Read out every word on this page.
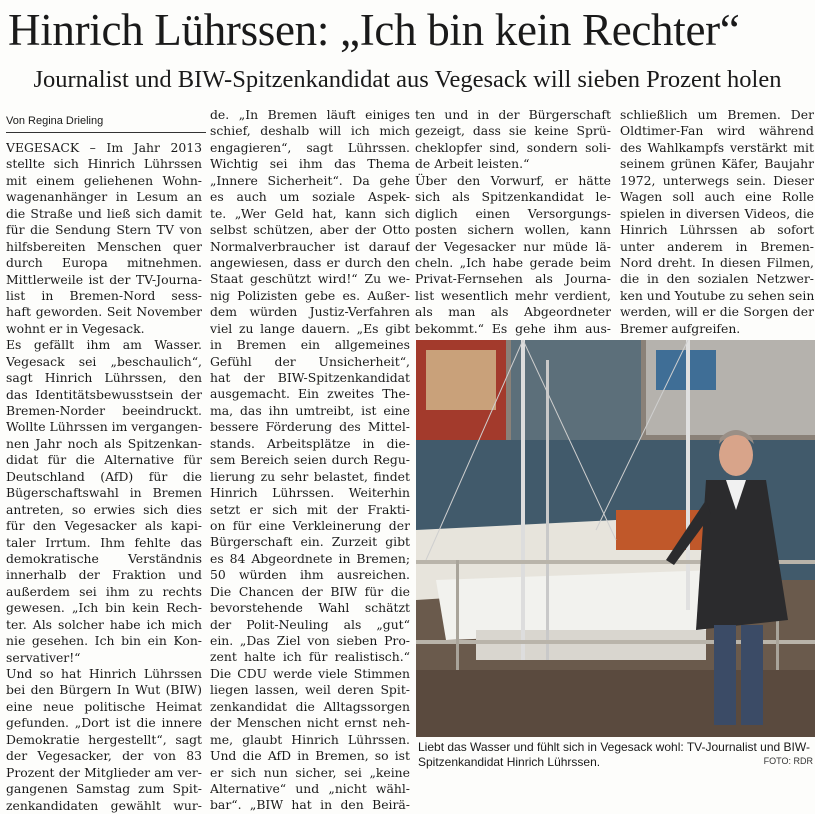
Hinrich Lührssen: „Ich bin kein Rechter“
Journalist und BIW-Spitzenkandidat aus Vegesack will sieben Prozent holen
Von Regina Drieling
VEGESACK – Im Jahr 2013
stellte sich Hinrich Lührssen
mit einem geliehenen Wohn-
wagenanhänger in Lesum an
die Straße und ließ sich damit
für die Sendung Stern TV von
hilfsbereiten Menschen quer
durch Europa mitnehmen.
Mittlerweile ist der TV-Journa-
list in Bremen-Nord sess-
haft geworden. Seit November
wohnt er in Vegesack.
Es gefällt ihm am Wasser.
Vegesack sei „beschaulich“,
sagt Hinrich Lührssen, den
das Identitätsbewusstsein der
Bremen-Norder beeindruckt.
Wollte Lührssen im vergangen-
nen Jahr noch als Spitzenkan-
didat für die Alternative für
Deutschland (AfD) für die
Bügerschaftswahl in Bremen
antreten, so erwies sich dies
für den Vegesacker als kapi-
taler Irrtum. Ihm fehlte das
demokratische Verständnis
innerhalb der Fraktion und
außerdem sei ihm zu rechts
gewesen. „Ich bin kein Rech-
ter. Als solcher habe ich mich
nie gesehen. Ich bin ein Kon-
servativer!“
Und so hat Hinrich Lührssen
bei den Bürgern In Wut (BIW)
eine neue politische Heimat
gefunden. „Dort ist die innere
Demokratie hergestellt“, sagt
der Vegesacker, der von 83
Prozent der Mitglieder am ver-
gangenen Samstag zum Spit-
zenkandidaten gewählt wur-
de. „In Bremen läuft einiges
schief, deshalb will ich mich
engagieren“, sagt Lührssen.
Wichtig sei ihm das Thema
„Innere Sicherheit“. Da gehe
es auch um soziale Aspek-
te. „Wer Geld hat, kann sich
selbst schützen, aber der Otto
Normalverbraucher ist darauf
angewiesen, dass er durch den
Staat geschützt wird!“ Zu we-
nig Polizisten gebe es. Außer-
dem würden Justiz-Verfahren
viel zu lange dauern. „Es gibt
in Bremen ein allgemeines
Gefühl der Unsicherheit“,
hat der BIW-Spitzenkandidat
ausgemacht. Ein zweites The-
ma, das ihn umtreibt, ist eine
bessere Förderung des Mittel-
stands. Arbeitsplätze in die-
sem Bereich seien durch Regu-
lierung zu sehr belastet, findet
Hinrich Lührssen. Weiterhin
setzt er sich mit der Frakti-
on für eine Verkleinerung der
Bürgerschaft ein. Zurzeit gibt
es 84 Abgeordnete in Bremen;
50 würden ihm ausreichen.
Die Chancen der BIW für die
bevorstehende Wahl schätzt
der Polit-Neuling als „gut“
ein. „Das Ziel von sieben Pro-
zent halte ich für realistisch.“
Die CDU werde viele Stimmen
liegen lassen, weil deren Spit-
zenkandidat die Alltagssorgen
der Menschen nicht ernst neh-
me, glaubt Hinrich Lührssen.
Und die AfD in Bremen, so ist
er sich nun sicher, sei „keine
Alternative“ und „nicht wähl-
bar“. „BIW hat in den Beirä-
ten und in der Bürgerschaft
gezeigt, dass sie keine Sprü-
cheklopfer sind, sondern soli-
de Arbeit leisten.“
Über den Vorwurf, er hätte
sich als Spitzenkandidat le-
diglich einen Versorgungs-
posten sichern wollen, kann
der Vegesacker nur müde lä-
cheln. „Ich habe gerade beim
Privat-Fernsehen als Journa-
list wesentlich mehr verdient,
als man als Abgeordneter
bekommt.“ Es gehe ihm aus-
schließlich um Bremen. Der
Oldtimer-Fan wird während
des Wahlkampfs verstärkt mit
seinem grünen Käfer, Baujahr
1972, unterwegs sein. Dieser
Wagen soll auch eine Rolle
spielen in diversen Videos, die
Hinrich Lührssen ab sofort
unter anderem in Bremen-
Nord dreht. In diesen Filmen,
die in den sozialen Netzwer-
ken und Youtube zu sehen sein
werden, will er die Sorgen der
Bremer aufgreifen.
Liebt das Wasser und fühlt sich in Vegesack wohl: TV-Journalist und BIW-Spitzenkandidat Hinrich Lührssen.	FOTO: RDR
